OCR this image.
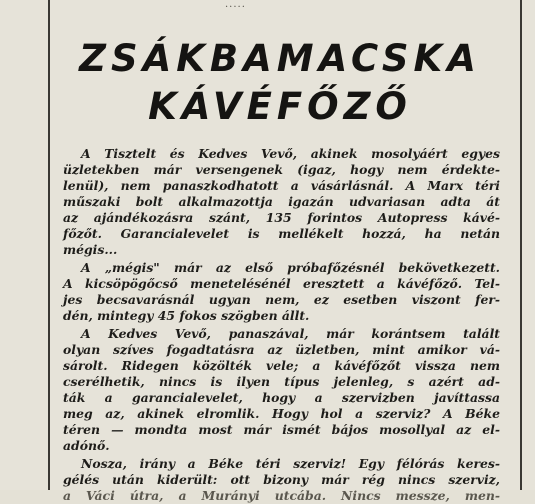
.....
ZSÁKBAMACSKA
KÁVÉFŐZŐ
A Tisztelt és Kedves Vevő, akinek mosolyáért egyes
üzletekben már versengenek (igaz, hogy nem érdekte-
lenül), nem panaszkodhatott a vásárlásnál. A Marx téri
műszaki bolt alkalmazottja igazán udvariasan adta át
az ajándékozásra szánt, 135 forintos Autopress kávé-
főzőt. Garancialevelet is mellékelt hozzá, ha netán
mégis...
A „mégis" már az első próbafőzésnél bekövetkezett.
A kicsöpögőcső menetelésénél eresztett a kávéfőző. Tel-
jes becsavarásnál ugyan nem, ez esetben viszont fer-
dén, mintegy 45 fokos szögben állt.
A Kedves Vevő, panaszával, már korántsem talált
olyan szíves fogadtatásra az üzletben, mint amikor vá-
sárolt. Ridegen közölték vele; a kávéfőzőt vissza nem
cserélhetik, nincs is ilyen típus jelenleg, s azért ad-
ták a garancialevelet, hogy a szervizben javíttassa
meg az, akinek elromlik. Hogy hol a szerviz? A Béke
téren — mondta most már ismét bájos mosollyal az el-
adónő.
Nosza, irány a Béke téri szerviz! Egy félórás keres-
gélés után kiderült: ott bizony már rég nincs szerviz,
a Váci útra, a Murányi utcába. Nincs messze, men-
